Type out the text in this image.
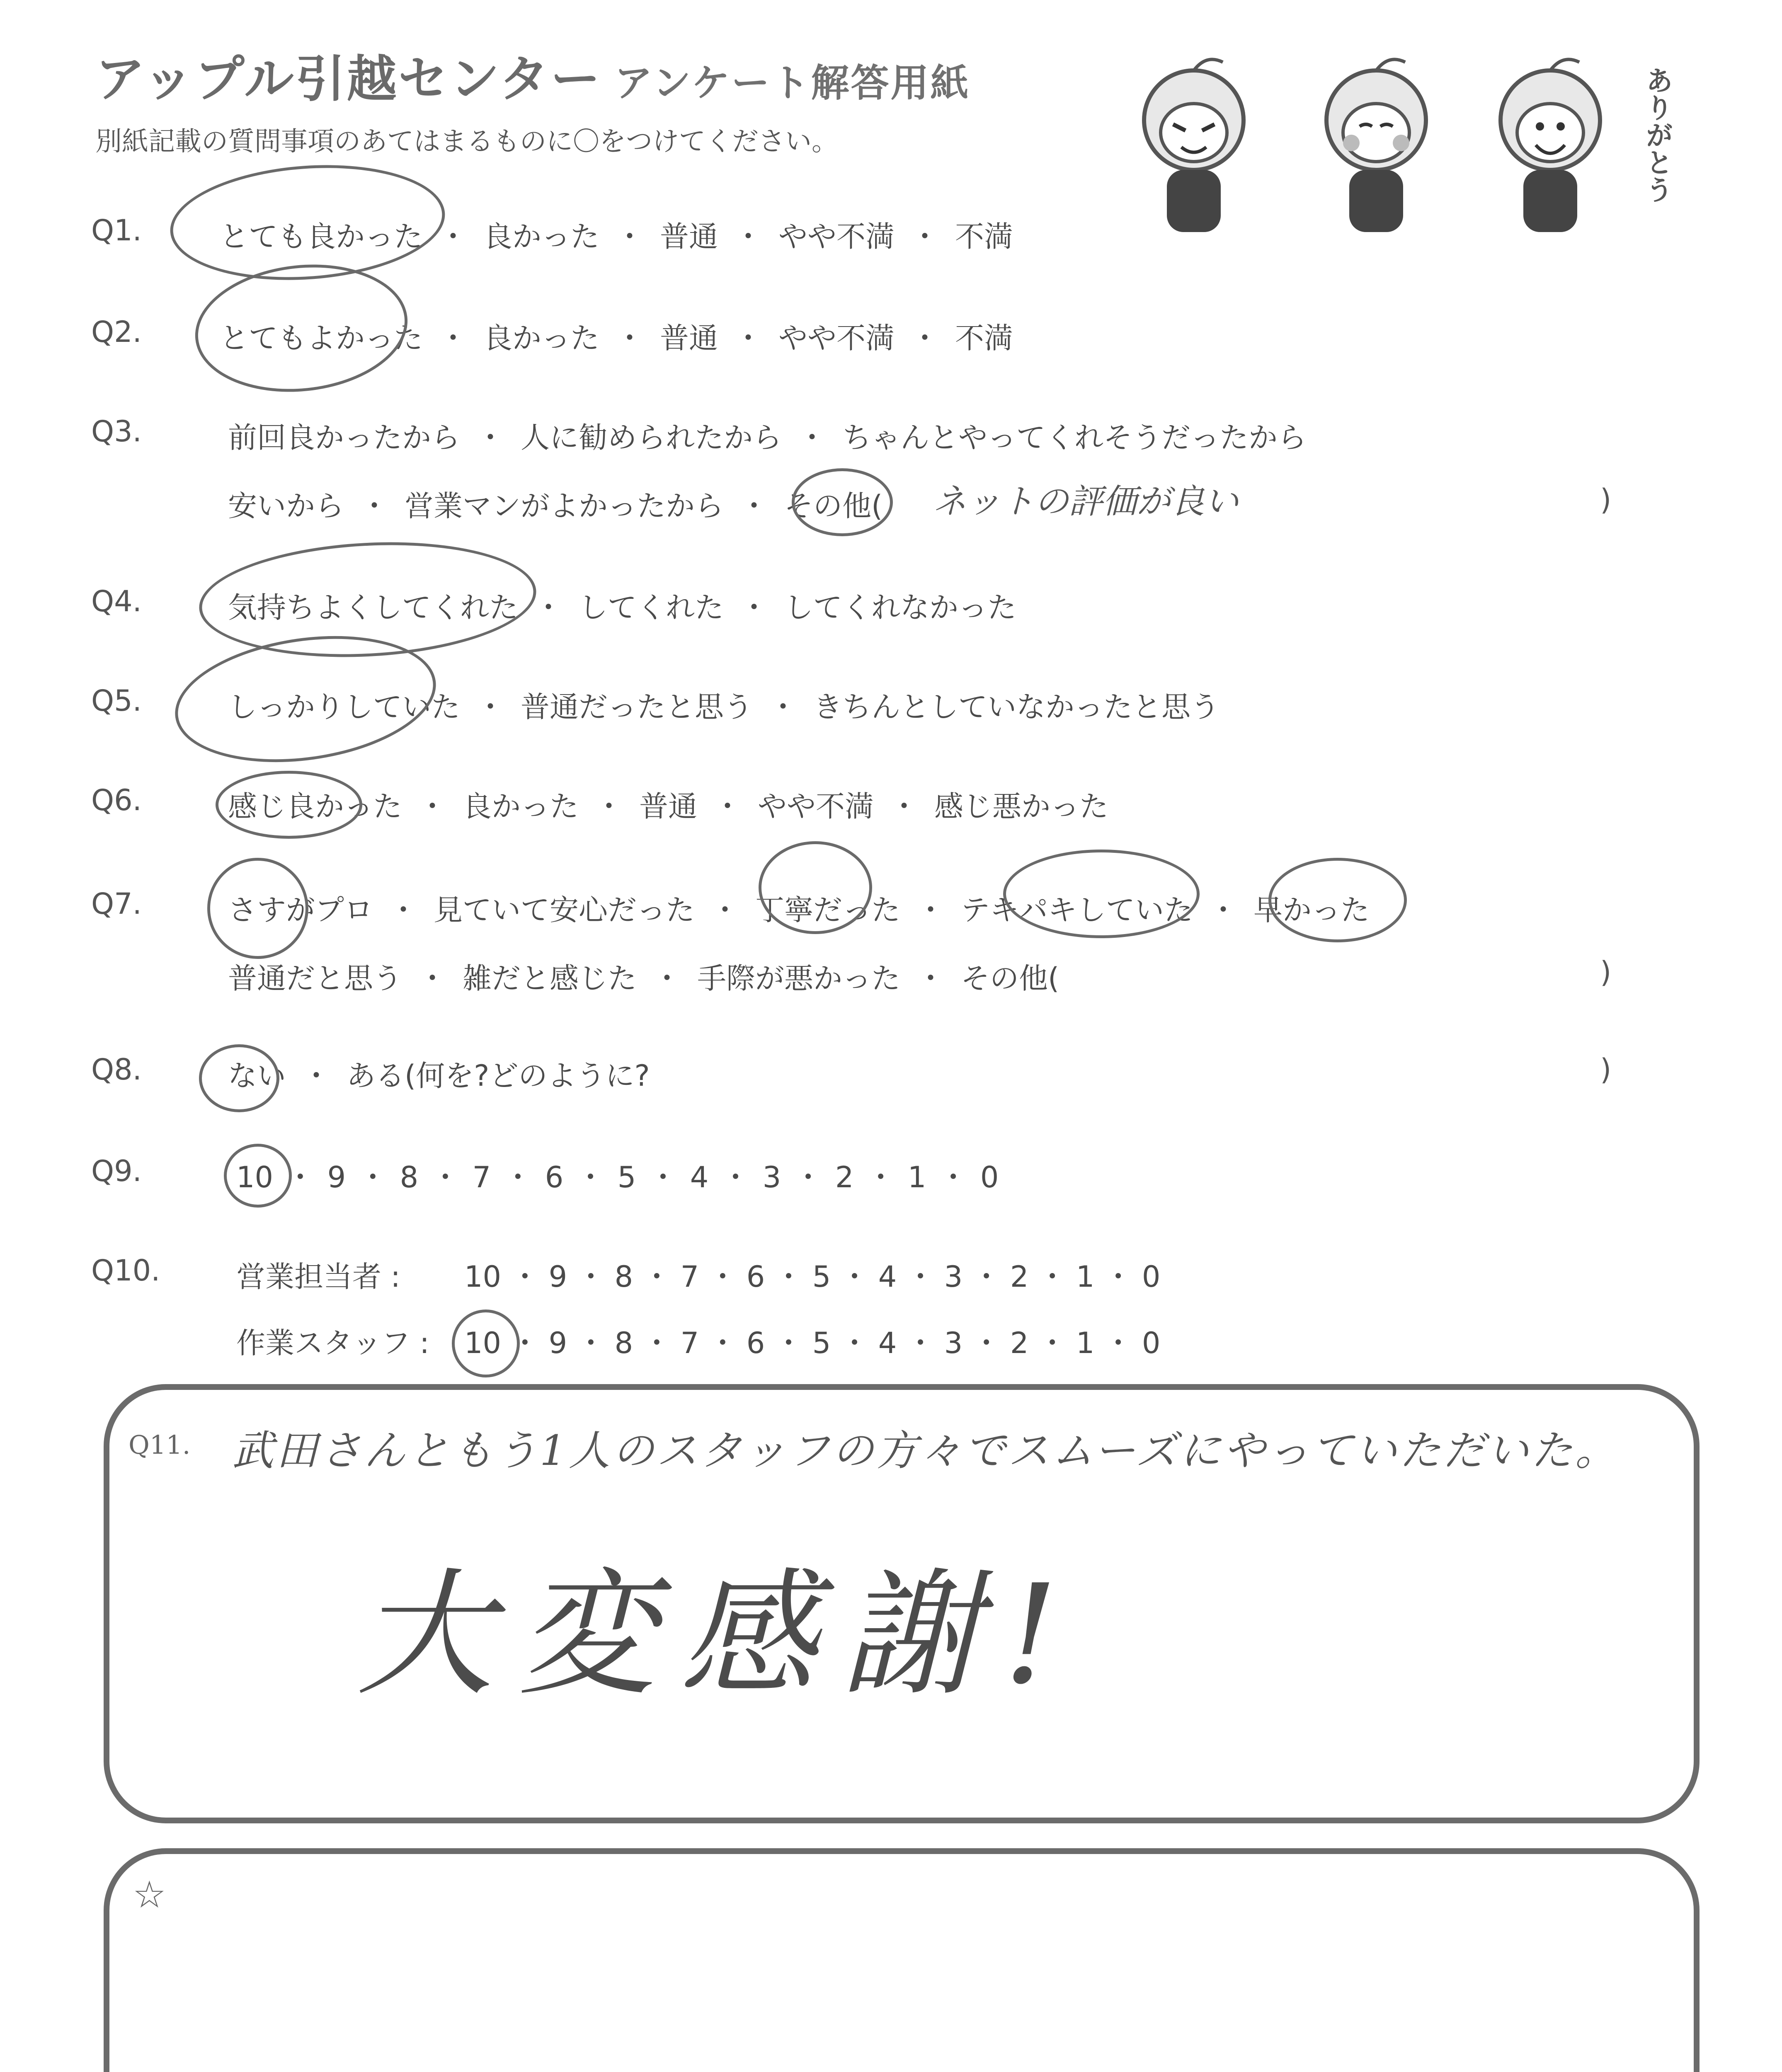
アップル引越センター アンケート解答用紙
別紙記載の質問事項のあてはまるものに〇をつけてください。	ありがとう
Q1.	とても良かった ・ 良かった ・ 普通 ・ やや不満 ・ 不満
Q2.	とてもよかった ・ 良かった ・ 普通 ・ やや不満 ・ 不満
Q3.	前回良かったから ・ 人に勧められたから ・ ちゃんとやってくれそうだったから
安いから ・ 営業マンがよかったから ・ その他( ネットの評価が良い	)
Q4.	気持ちよくしてくれた ・ してくれた ・ してくれなかった
Q5.	しっかりしていた ・ 普通だったと思う ・ きちんとしていなかったと思う
Q6.	感じ良かった ・ 良かった ・ 普通 ・ やや不満 ・ 感じ悪かった
Q7.	さすがプロ ・ 見ていて安心だった ・ 丁寧だった ・ テキパキしていた ・ 早かった
普通だと思う ・ 雑だと感じた ・ 手際が悪かった ・ その他(	)
Q8.	ない ・ ある(何を?どのように?	)
Q9.	10 ・ 9 ・ 8 ・ 7 ・ 6 ・ 5 ・ 4 ・ 3 ・ 2 ・ 1 ・ 0
Q10.	営業担当者 : 10 ・ 9 ・ 8 ・ 7 ・ 6 ・ 5 ・ 4 ・ 3 ・ 2 ・ 1 ・ 0
作業スタッフ : 10 ・ 9 ・ 8 ・ 7 ・ 6 ・ 5 ・ 4 ・ 3 ・ 2 ・ 1 ・ 0
Q11. 武田さんともう1人のスタッフの方々でスムーズにやっていただいた。
大変感謝!
☆
